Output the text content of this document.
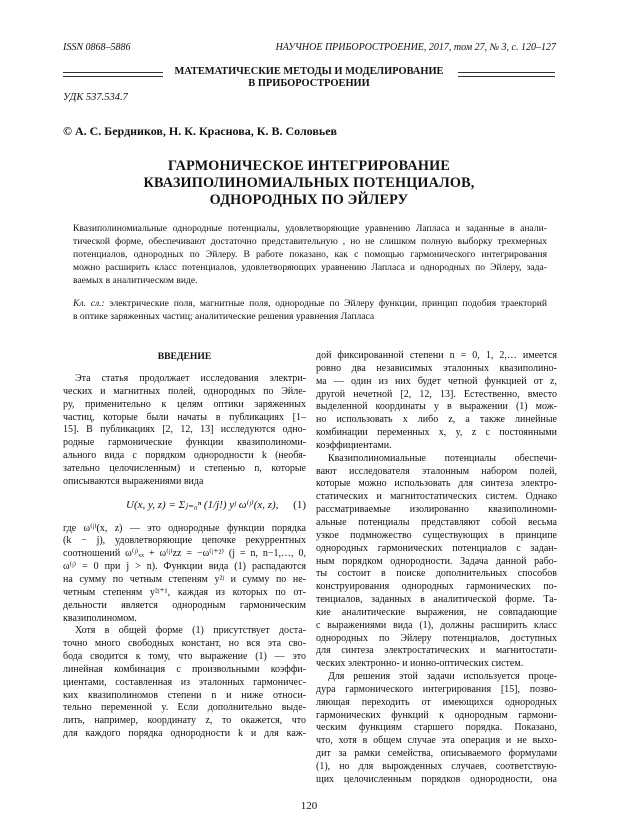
ISSN 0868–5886	НАУЧНОЕ ПРИБОРОСТРОЕНИЕ, 2017, том 27, № 3, с. 120–127
МАТЕМАТИЧЕСКИЕ МЕТОДЫ И МОДЕЛИРОВАНИЕ
В ПРИБОРОСТРОЕНИИ
УДК 537.534.7
© А. С. Бердников, Н. К. Краснова, К. В. Соловьев
ГАРМОНИЧЕСКОЕ ИНТЕГРИРОВАНИЕ
КВАЗИПОЛИНОМИАЛЬНЫХ ПОТЕНЦИАЛОВ,
ОДНОРОДНЫХ ПО ЭЙЛЕРУ
Квазиполиномиальные однородные потенциалы, удовлетворяющие уравнению Лапласа и заданные в анали-
тической форме, обеспечивают достаточно представительную , но не слишком полную выборку трехмерных
потенциалов, однородных по Эйлеру. В работе показано, как с помощью гармонического интегрирования
можно расширить класс потенциалов, удовлетворяющих уравнению Лапласа и однородных по Эйлеру, зада-
ваемых в аналитическом виде.
Кл. сл.: электрические поля, магнитные поля, однородные по Эйлеру функции, принцип подобия траекторий
в оптике заряженных частиц; аналитические решения уравнения Лапласа
ВВЕДЕНИЕ
Эта статья продолжает исследования электри-
ческих и магнитных полей, однородных по Эйле-
ру, применительно к целям оптики заряженных
частиц, которые были начаты в публикациях [1–
15]. В публикациях [2, 12, 13] исследуются одно-
родные гармонические функции квазиполиноми-
ального вида с порядком однородности k (необя-
зательно целочисленным) и степенью n, которые
описываются выражениями вида
U(x, y, z) = Σⱼ₌₀ⁿ (1/j!) yʲ ω⁽ʲ⁾(x, z), (1)
где ω⁽ʲ⁾(x, z) — это однородные функции порядка
(k − j), удовлетворяющие цепочке рекуррентных
соотношений ω⁽ʲ⁾ₓₓ + ω⁽ʲ⁾zz = −ω⁽ʲ⁺²⁾ (j = n, n−1,…, 0,
ω⁽ʲ⁾ = 0 при j > n). Функции вида (1) распадаются
на сумму по четным степеням y²ʲ и сумму по не-
четным степеням y²ʲ⁺¹, каждая из которых по от-
дельности является однородным гармоническим
квазиполиномом.
Хотя в общей форме (1) присутствует доста-
точно много свободных констант, но вся эта сво-
бода сводится к тому, что выражение (1) — это
линейная комбинация с произвольными коэффи-
циентами, составленная из эталонных гармоничес-
ких квазиполиномов степени n и ниже относи-
тельно переменной y. Если дополнительно выде-
лить, например, координату z, то окажется, что
для каждого порядка однородности k и для каж-
дой фиксированной степени n = 0, 1, 2,… имеется
ровно два независимых эталонных квазиполино-
ма — один из них будет четной функцией от z,
другой нечетной [2, 12, 13]. Естественно, вместо
выделенной координаты y в выражении (1) мож-
но использовать x либо z, а также линейные
комбинации переменных x, y, z с постоянными
коэффициентами.
Квазиполиномиальные потенциалы обеспечи-
вают исследователя эталонным набором полей,
которые можно использовать для синтеза электро-
статических и магнитостатических систем. Однако
рассматриваемые изолированно квазиполиноми-
альные потенциалы представляют собой весьма
узкое подмножество существующих в принципе
однородных гармонических потенциалов с задан-
ным порядком однородности. Задача данной рабо-
ты состоит в поиске дополнительных способов
конструирования однородных гармонических по-
тенциалов, заданных в аналитической форме. Та-
кие аналитические выражения, не совпадающие
с выражениями вида (1), должны расширить класс
однородных по Эйлеру потенциалов, доступных
для синтеза электростатических и магнитостати-
ческих электронно- и ионно-оптических систем.
Для решения этой задачи используется проце-
дура гармонического интегрирования [15], позво-
ляющая переходить от имеющихся однородных
гармонических функций к однородным гармони-
ческим функциям старшего порядка. Показано,
что, хотя в общем случае эта операция и не выхо-
дит за рамки семейства, описываемого формулами
(1), но для вырожденных случаев, соответствую-
щих целочисленным порядков однородности, она
120
